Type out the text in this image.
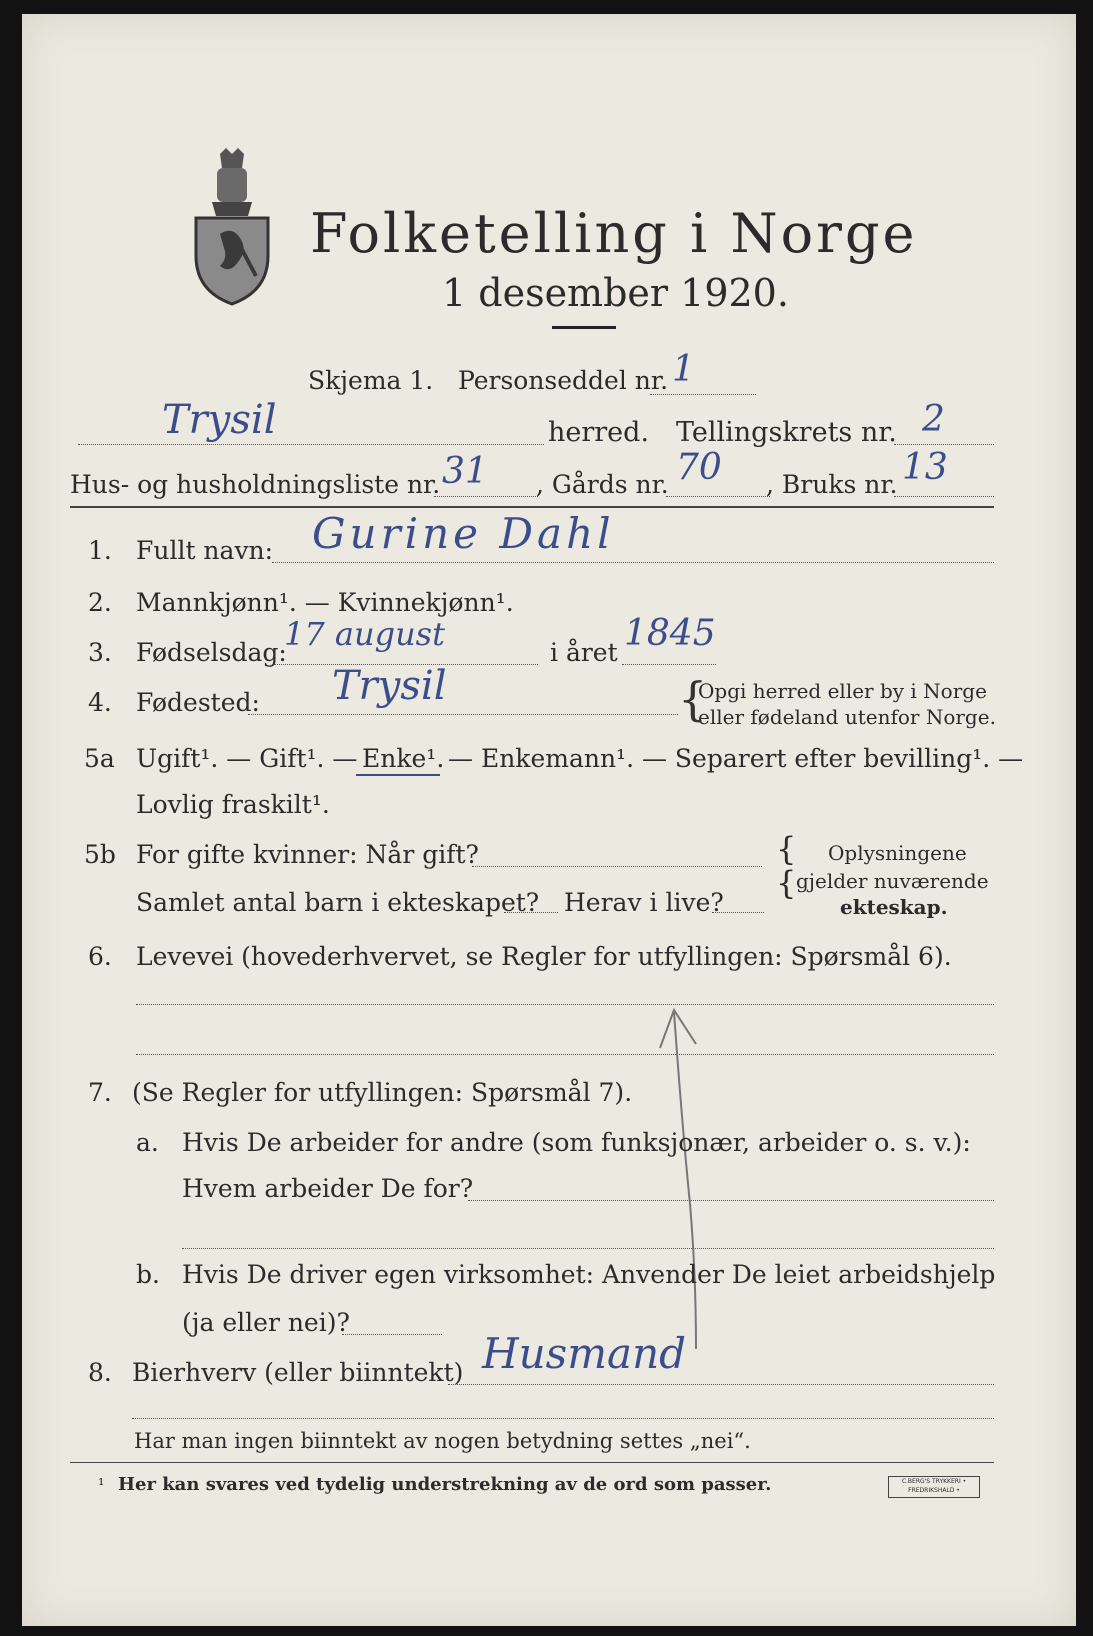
Folketelling i Norge
1 desember 1920.
Skjema 1. Personseddel nr. 1
Trysil	herred. Tellingskrets nr. 2
Hus- og husholdningsliste nr. 31 , Gårds nr. 70 , Bruks nr. 13
1. Fullt navn: Gurine Dahl
2. Mannkjønn¹. — Kvinnekjønn¹.
3. Fødselsdag:
17 august	i året 1845
4. Fødested: Trysil	{
Opgi herred eller by i Norge
eller fødeland utenfor Norge.
5a Ugift¹. — Gift¹. — Enke¹. — Enkemann¹. — Separert efter bevilling¹. —
Lovlig fraskilt¹.
5b For gifte kvinner: Når gift?
Samlet antal barn i ekteskapet? Herav i live?
{
{
Oplysningene
gjelder nuværende
ekteskap.
6. Levevei (hovederhvervet, se Regler for utfyllingen: Spørsmål 6).
7. (Se Regler for utfyllingen: Spørsmål 7).
a. Hvis De arbeider for andre (som funksjonær, arbeider o. s. v.):
Hvem arbeider De for?
b. Hvis De driver egen virksomhet: Anvender De leiet arbeidshjelp
(ja eller nei)?
8. Bierhverv (eller biinntekt) Husmand
Har man ingen biinntekt av nogen betydning settes „nei“.
¹ Her kan svares ved tydelig understrekning av de ord som passer.	C.BERG'S TRYKKERI • FREDRIKSHALD •
